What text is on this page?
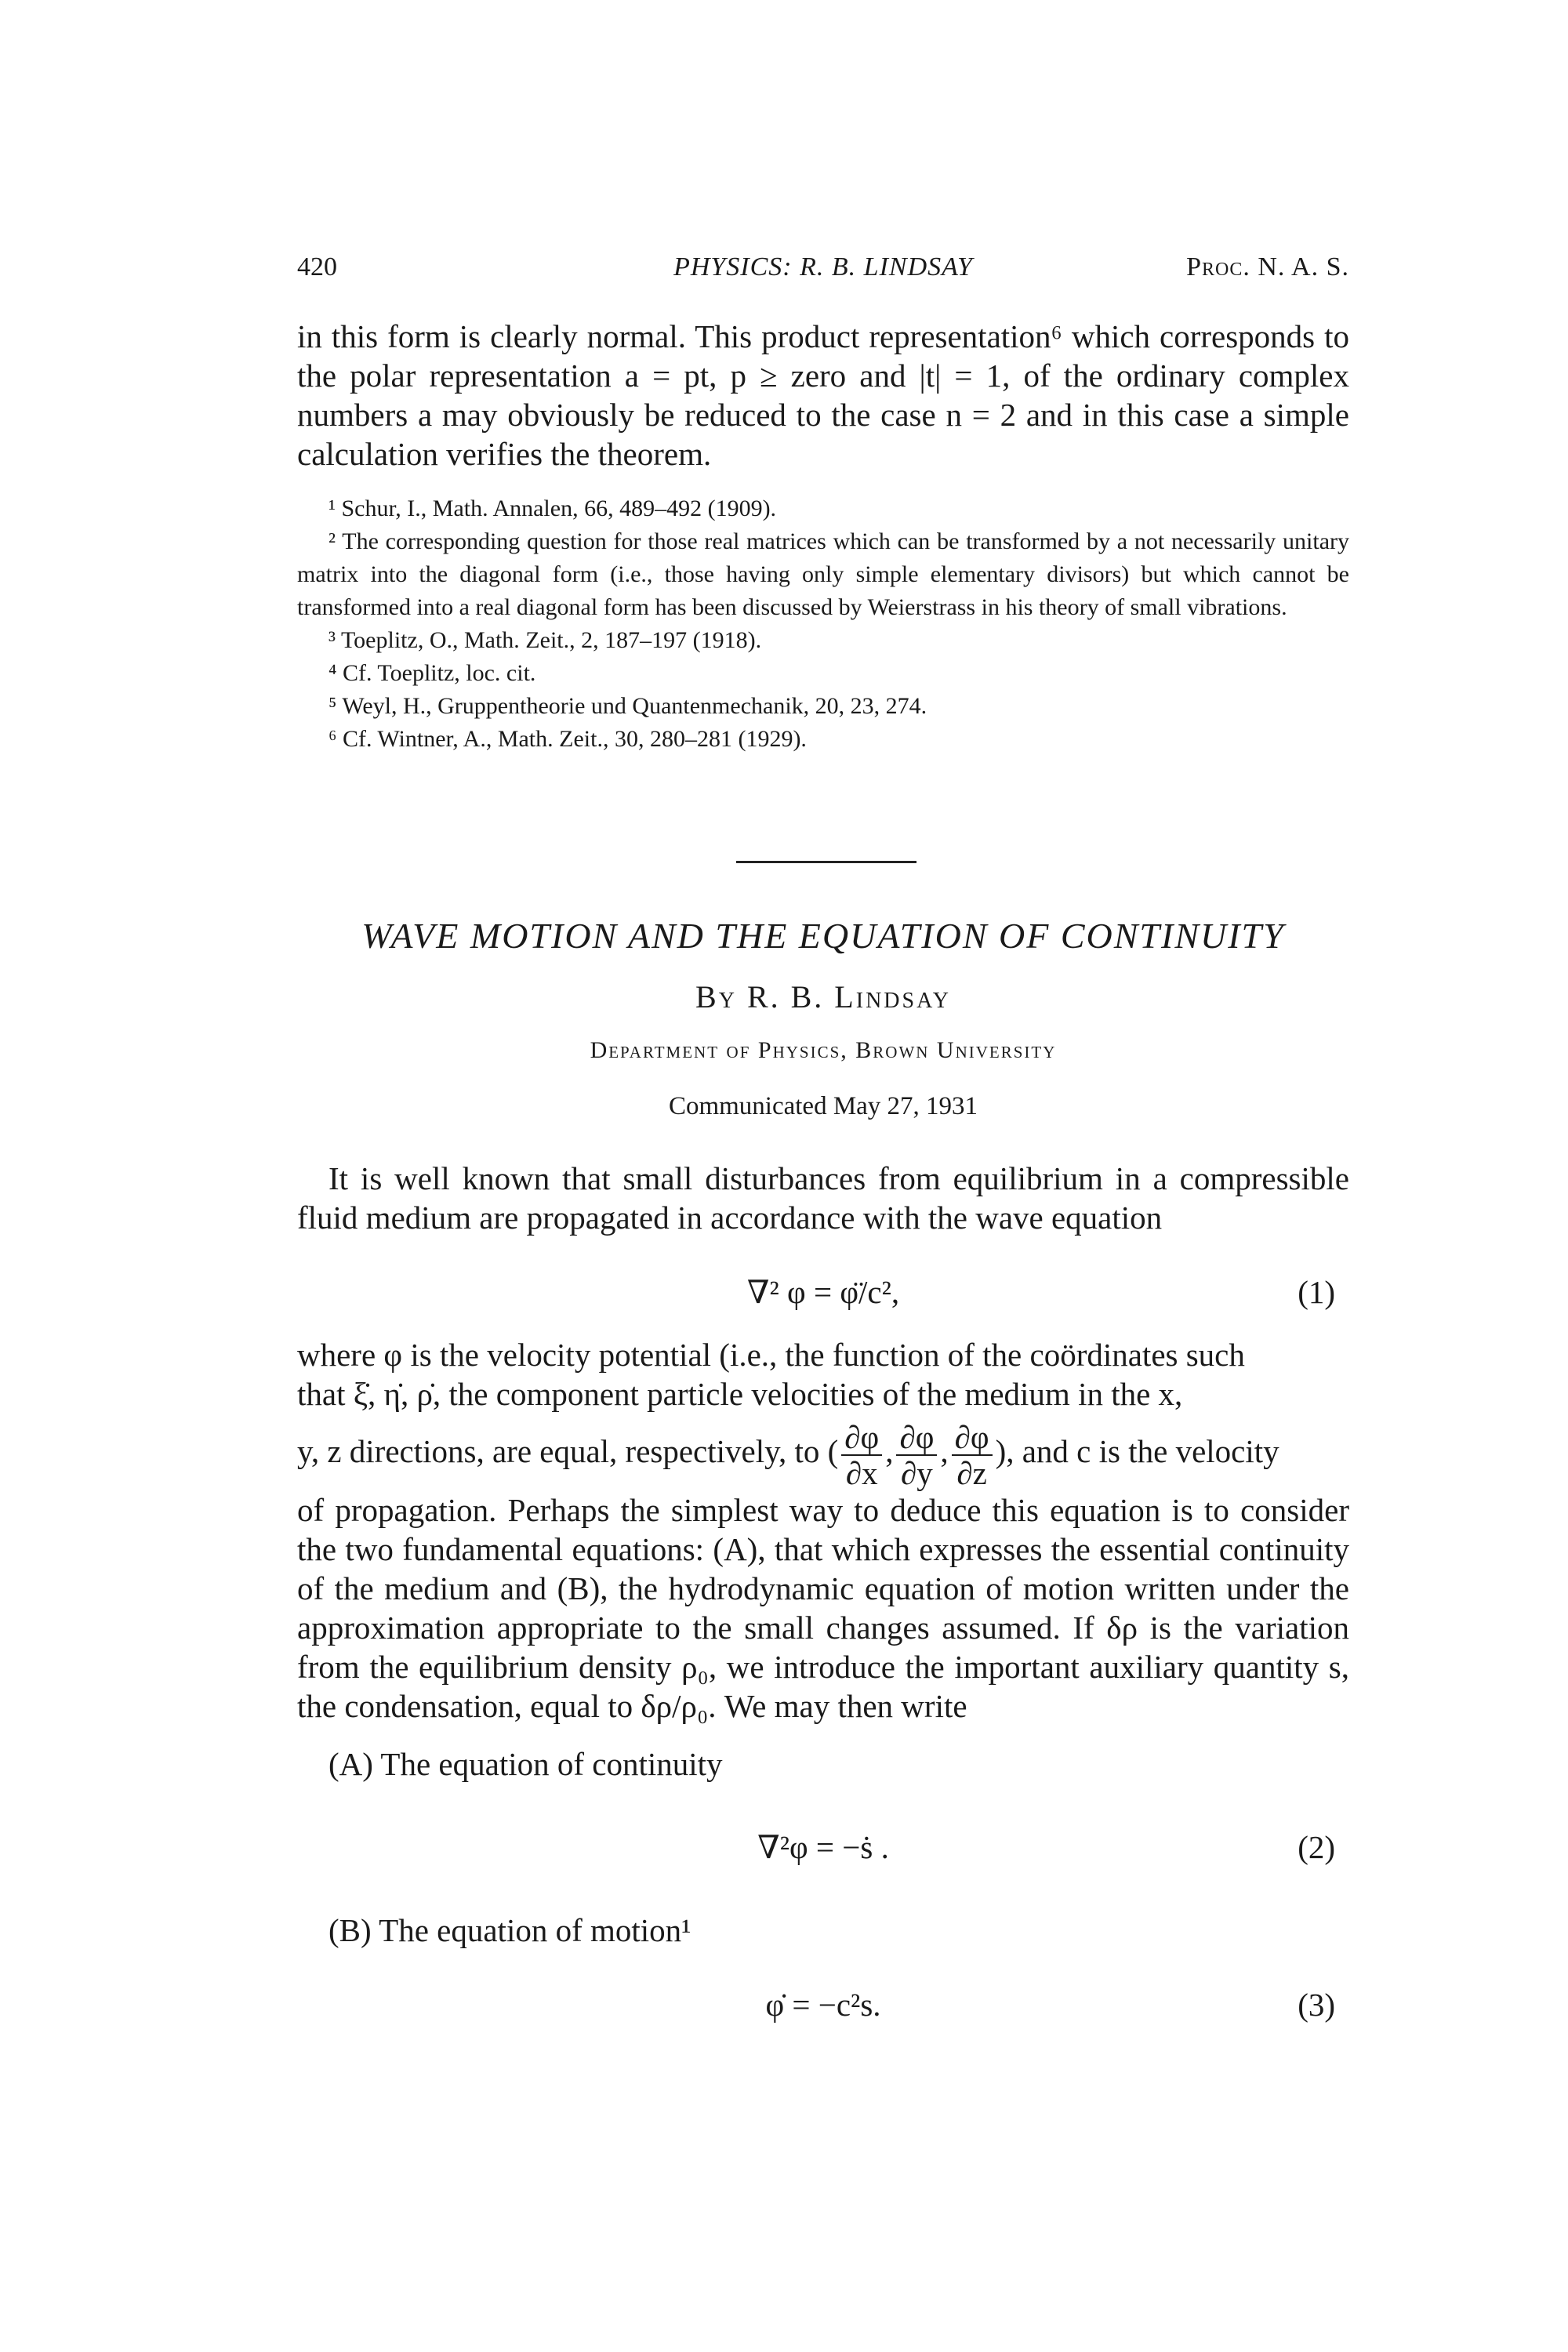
420	PHYSICS: R. B. LINDSAY	Proc. N. A. S.

in this form is clearly normal. This product representation⁶ which corresponds to the polar representation a = pt, p ≥ zero and |t| = 1, of the ordinary complex numbers a may obviously be reduced to the case n = 2 and in this case a simple calculation verifies the theorem.

¹ Schur, I., Math. Annalen, 66, 489–492 (1909).

² The corresponding question for those real matrices which can be transformed by a not necessarily unitary matrix into the diagonal form (i.e., those having only simple elementary divisors) but which cannot be transformed into a real diagonal form has been discussed by Weierstrass in his theory of small vibrations.

³ Toeplitz, O., Math. Zeit., 2, 187–197 (1918).

⁴ Cf. Toeplitz, loc. cit.

⁵ Weyl, H., Gruppentheorie und Quantenmechanik, 20, 23, 274.

⁶ Cf. Wintner, A., Math. Zeit., 30, 280–281 (1929).

WAVE MOTION AND THE EQUATION OF CONTINUITY
By R. B. Lindsay
Department of Physics, Brown University
Communicated May 27, 1931

It is well known that small disturbances from equilibrium in a compressible fluid medium are propagated in accordance with the wave equation

∇² φ = φ̈/c²,	(1)

where φ is the velocity potential (i.e., the function of the coördinates such

that ξ̇, η̇, ρ̇, the component particle velocities of the medium in the x,

y, z directions, are equal, respectively, to ( $\frac{\partial\varphi}{\partial x}$ , $\frac{\partial\varphi}{\partial y}$ , $\frac{\partial\varphi}{\partial z}$ ), and c is the velocity

of propagation. Perhaps the simplest way to deduce this equation is to consider the two fundamental equations: (A), that which expresses the essential continuity of the medium and (B), the hydrodynamic equation of motion written under the approximation appropriate to the small changes assumed. If δρ is the variation from the equilibrium density ρ₀, we introduce the important auxiliary quantity s, the condensation, equal to δρ/ρ₀. We may then write

(A) The equation of continuity

∇²φ = −ṡ .	(2)

(B) The equation of motion¹

φ̇ = −c²s.	(3)
